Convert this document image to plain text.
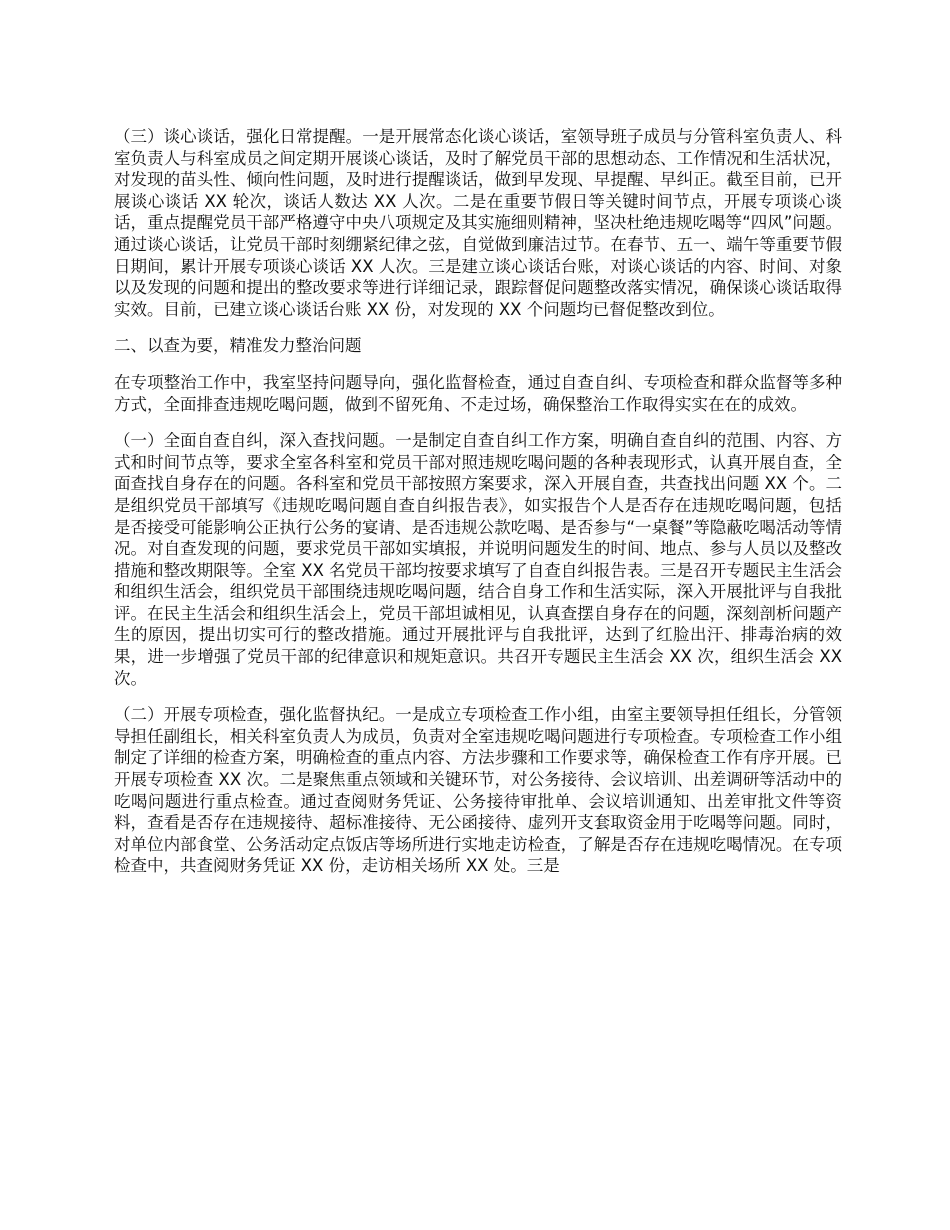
（三）谈心谈话，强化日常提醒。一是开展常态化谈心谈话，室领导班子成员与分管科室负责人、科室负责人与科室成员之间定期开展谈心谈话，及时了解党员干部的思想动态、工作情况和生活状况，对发现的苗头性、倾向性问题，及时进行提醒谈话，做到早发现、早提醒、早纠正。截至目前，已开展谈心谈话 XX 轮次，谈话人数达 XX 人次。二是在重要节假日等关键时间节点，开展专项谈心谈话，重点提醒党员干部严格遵守中央八项规定及其实施细则精神，坚决杜绝违规吃喝等“四风”问题。通过谈心谈话，让党员干部时刻绷紧纪律之弦，自觉做到廉洁过节。在春节、五一、端午等重要节假日期间，累计开展专项谈心谈话 XX 人次。三是建立谈心谈话台账，对谈心谈话的内容、时间、对象以及发现的问题和提出的整改要求等进行详细记录，跟踪督促问题整改落实情况，确保谈心谈话取得实效。目前，已建立谈心谈话台账 XX 份，对发现的 XX 个问题均已督促整改到位。

二、以查为要，精准发力整治问题

在专项整治工作中，我室坚持问题导向，强化监督检查，通过自查自纠、专项检查和群众监督等多种方式，全面排查违规吃喝问题，做到不留死角、不走过场，确保整治工作取得实实在在的成效。

（一）全面自查自纠，深入查找问题。一是制定自查自纠工作方案，明确自查自纠的范围、内容、方式和时间节点等，要求全室各科室和党员干部对照违规吃喝问题的各种表现形式，认真开展自查，全面查找自身存在的问题。各科室和党员干部按照方案要求，深入开展自查，共查找出问题 XX 个。二是组织党员干部填写《违规吃喝问题自查自纠报告表》，如实报告个人是否存在违规吃喝问题，包括是否接受可能影响公正执行公务的宴请、是否违规公款吃喝、是否参与“一桌餐”等隐蔽吃喝活动等情况。对自查发现的问题，要求党员干部如实填报，并说明问题发生的时间、地点、参与人员以及整改措施和整改期限等。全室 XX 名党员干部均按要求填写了自查自纠报告表。三是召开专题民主生活会和组织生活会，组织党员干部围绕违规吃喝问题，结合自身工作和生活实际，深入开展批评与自我批评。在民主生活会和组织生活会上，党员干部坦诚相见，认真查摆自身存在的问题，深刻剖析问题产生的原因，提出切实可行的整改措施。通过开展批评与自我批评，达到了红脸出汗、排毒治病的效果，进一步增强了党员干部的纪律意识和规矩意识。共召开专题民主生活会 XX 次，组织生活会 XX 次。

（二）开展专项检查，强化监督执纪。一是成立专项检查工作小组，由室主要领导担任组长，分管领导担任副组长，相关科室负责人为成员，负责对全室违规吃喝问题进行专项检查。专项检查工作小组制定了详细的检查方案，明确检查的重点内容、方法步骤和工作要求等，确保检查工作有序开展。已开展专项检查 XX 次。二是聚焦重点领域和关键环节，对公务接待、会议培训、出差调研等活动中的吃喝问题进行重点检查。通过查阅财务凭证、公务接待审批单、会议培训通知、出差审批文件等资料，查看是否存在违规接待、超标准接待、无公函接待、虚列开支套取资金用于吃喝等问题。同时，对单位内部食堂、公务活动定点饭店等场所进行实地走访检查，了解是否存在违规吃喝情况。在专项检查中，共查阅财务凭证 XX 份，走访相关场所 XX 处。三是
